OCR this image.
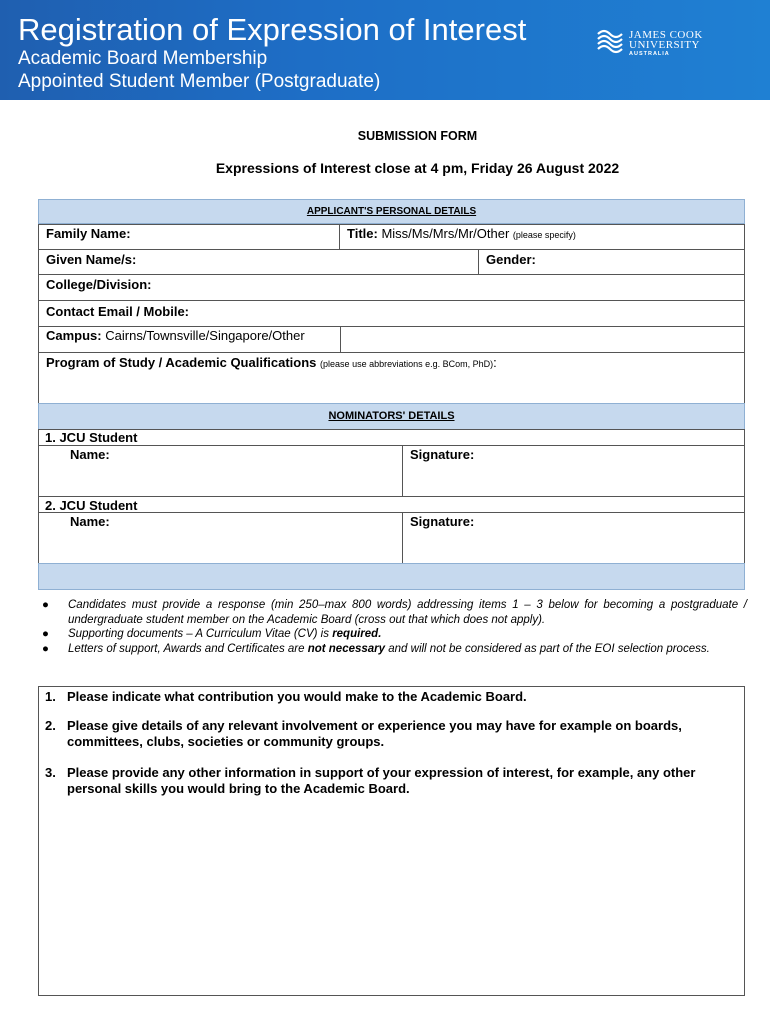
Registration of Expression of Interest
Academic Board Membership
Appointed Student Member (Postgraduate)
JAMES COOK
UNIVERSITY
AUSTRALIA
SUBMISSION FORM
Expressions of Interest close at 4 pm, Friday 26 August 2022
APPLICANT'S PERSONAL DETAILS
Family Name:	Title: Miss/Ms/Mrs/Mr/Other (please specify)
Given Name/s:	Gender:
College/Division:
Contact Email / Mobile:
Campus: Cairns/Townsville/Singapore/Other
Program of Study / Academic Qualifications (please use abbreviations e.g. BCom, PhD):
NOMINATORS' DETAILS
1. JCU Student
Name:	Signature:
2. JCU Student
Name:	Signature:
● Candidates must provide a response (min 250–max 800 words) addressing items 1 – 3 below for becoming a postgraduate / undergraduate student member on the Academic Board (cross out that which does not apply).
● Supporting documents – A Curriculum Vitae (CV) is required.
● Letters of support, Awards and Certificates are not necessary and will not be considered as part of the EOI selection process.
1. Please indicate what contribution you would make to the Academic Board.
2. Please give details of any relevant involvement or experience you may have for example on boards, committees, clubs, societies or community groups.
3. Please provide any other information in support of your expression of interest, for example, any other personal skills you would bring to the Academic Board.
